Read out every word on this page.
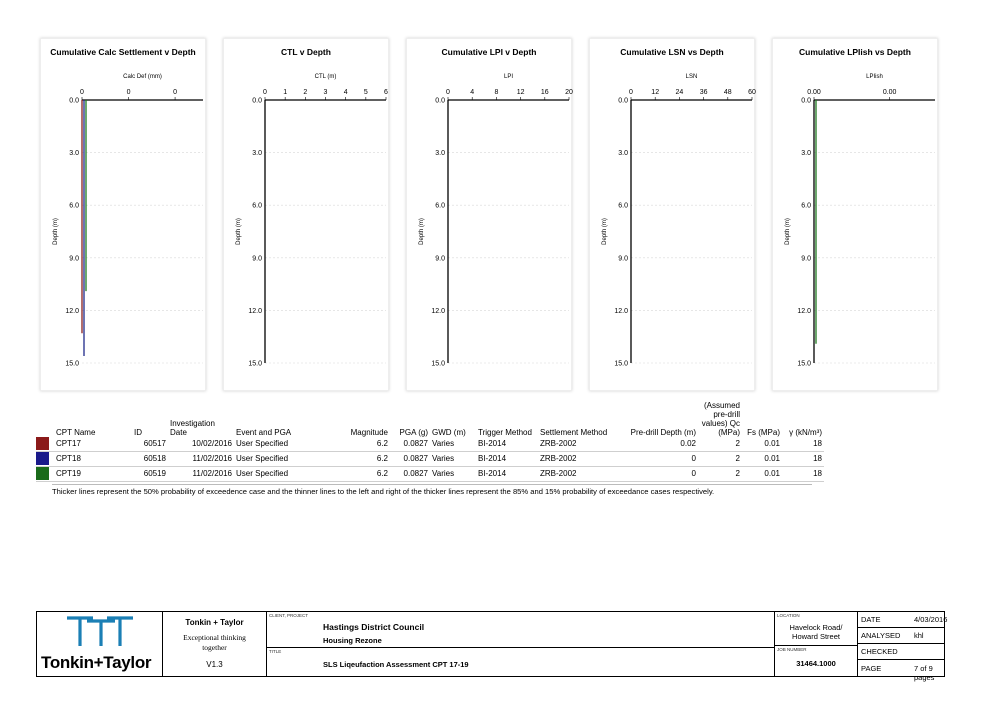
Cumulative Calc Settlement v Depth
Calc Def (mm)
Depth (m)
0.0
3.0
6.0
9.0
12.0
15.0
0	0	0
CTL v Depth
CTL (m)
Depth (m)
0.0
3.0
6.0
9.0
12.0
15.0
0 1 2 3 4 5 6
Cumulative LPI v Depth
LPI
Depth (m)
0.0
3.0
6.0
9.0
12.0
15.0
0	4	8	12 16 20
Cumulative LSN vs Depth
LSN
Depth (m)
0.0
3.0
6.0
9.0
12.0
15.0
0	12 24 36 48 60
Cumulative LPIish vs Depth
LPIish
Depth (m)
0.0
3.0
6.0
9.0
12.0
15.0
0.00	0.00
	CPT Name	ID	Investigation Date	Event and PGA	Magnitude	PGA (g)	GWD (m)	Trigger Method	Settlement Method	Pre-drill Depth (m)	(Assumed pre-drill values) Qc (MPa)	Fs (MPa)	γ (kN/m³)
	CPT17	60517	10/02/2016	User Specified	6.2	0.0827	Varies	BI-2014	ZRB-2002	0.02	2	0.01	18
	CPT18	60518	11/02/2016	User Specified	6.2	0.0827	Varies	BI-2014	ZRB-2002	0	2	0.01	18
	CPT19	60519	11/02/2016	User Specified	6.2	0.0827	Varies	BI-2014	ZRB-2002	0	2	0.01	18
Thicker lines represent the 50% probability of exceedence case and the thinner lines to the left and right of the thicker lines represent the 85% and 15% probability of exceedance cases respectively.
Tonkin+Taylor
Tonkin + Taylor
Exceptional thinking together
V1.3
CLIENT, PROJECT
Hastings District Council
Housing Rezone
TITLE
SLS Liqeufaction Assessment CPT 17-19
LOCATION
Havelock Road/ Howard Street
JOB NUMBER
31464.1000
DATE	4/03/2016
ANALYSED khl
CHECKED
PAGE	7 of 9 pages
